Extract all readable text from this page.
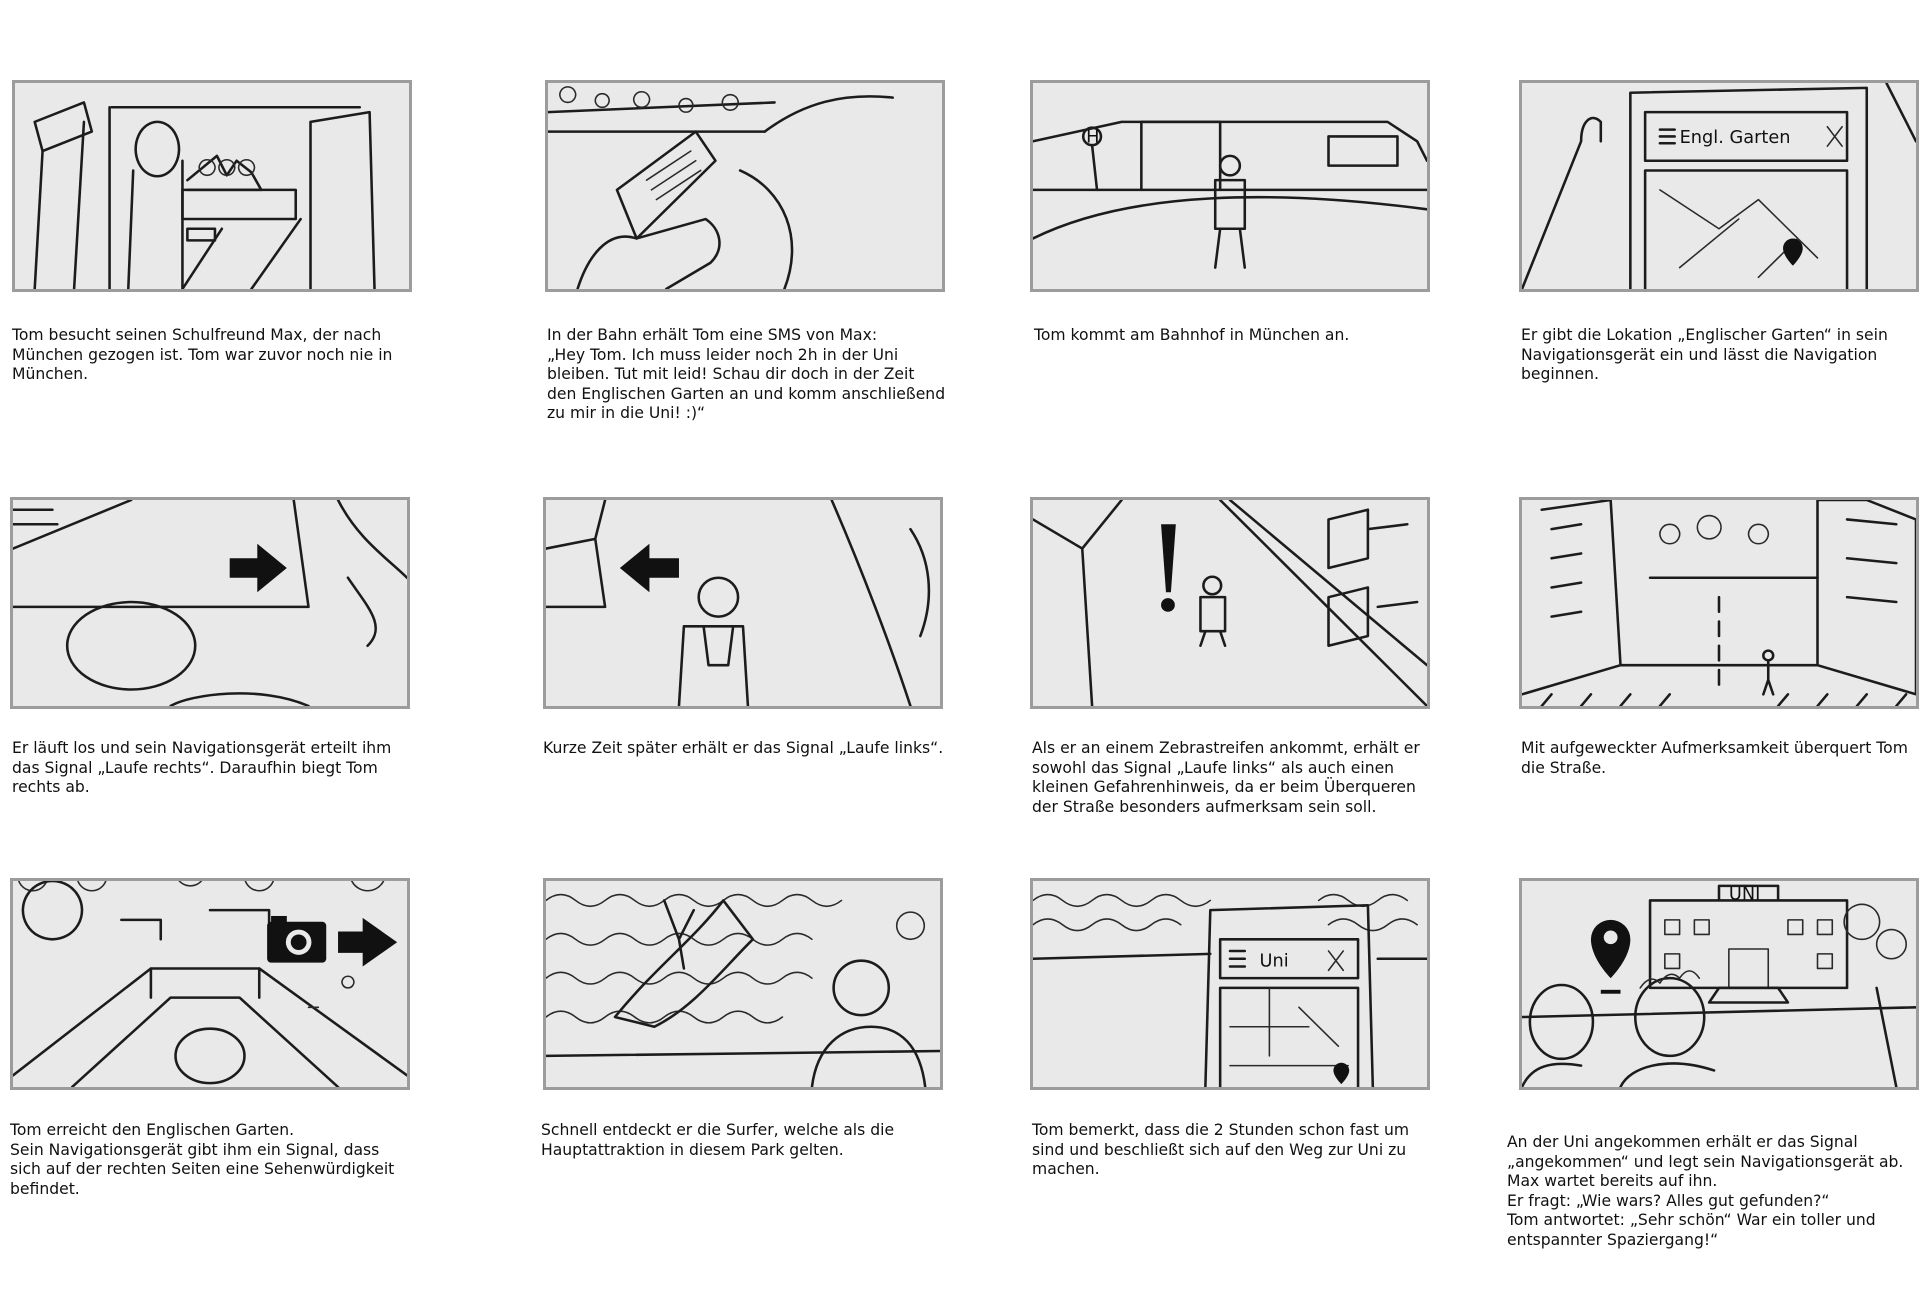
Tom besucht seinen Schulfreund Max, der nach
München gezogen ist. Tom war zuvor noch nie in
München.
In der Bahn erhält Tom eine SMS von Max:
„Hey Tom. Ich muss leider noch 2h in der Uni
bleiben. Tut mit leid! Schau dir doch in der Zeit
den Englischen Garten an und komm anschließend
zu mir in die Uni! :)“
H
Tom kommt am Bahnhof in München an.
Engl. Garten
Er gibt die Lokation „Englischer Garten“ in sein
Navigationsgerät ein und lässt die Navigation
beginnen.
Er läuft los und sein Navigationsgerät erteilt ihm
das Signal „Laufe rechts“. Daraufhin biegt Tom
rechts ab.
Kurze Zeit später erhält er das Signal „Laufe links“.	Als er an einem Zebrastreifen ankommt, erhält er
sowohl das Signal „Laufe links“ als auch einen
kleinen Gefahrenhinweis, da er beim Überqueren
der Straße besonders aufmerksam sein soll.
Mit aufgeweckter Aufmerksamkeit überquert Tom
die Straße.
Tom erreicht den Englischen Garten.
Sein Navigationsgerät gibt ihm ein Signal, dass
sich auf der rechten Seiten eine Sehenwürdigkeit
befindet.
Schnell entdeckt er die Surfer, welche als die
Hauptattraktion in diesem Park gelten.
Uni
Tom bemerkt, dass die 2 Stunden schon fast um
sind und beschließt sich auf den Weg zur Uni zu
machen.
UNI
An der Uni angekommen erhält er das Signal
„angekommen“ und legt sein Navigationsgerät ab.
Max wartet bereits auf ihn.
Er fragt: „Wie wars? Alles gut gefunden?“
Tom antwortet: „Sehr schön“ War ein toller und
entspannter Spaziergang!“
